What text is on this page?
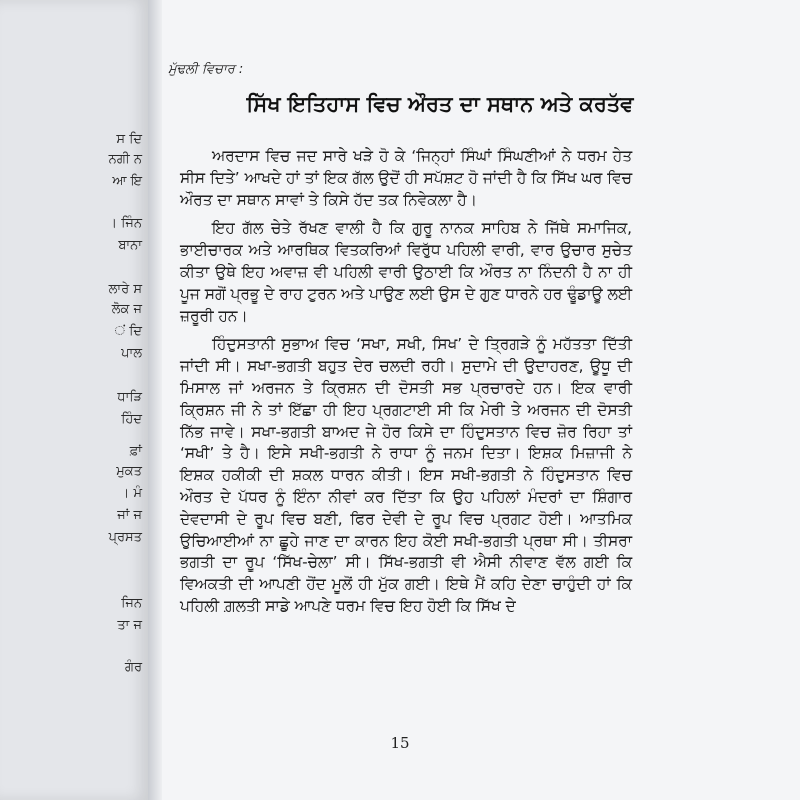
ਸ ਦਿ
ਨਗੀ ਨ
ਆ ਇ
। ਜਿੰਨ
ਬਾਨਾ
ਲਾਰੇ ਸ
ਲੋਕ ਜ
ਂ ਦਿ
ਪਾਲ
ਧਾੜਿ
ਹਿੰਦ
ਫ਼ਾਂ
ਮੁਕਤ
। ਮੰ
ਜਾਂ ਜ
ਪ੍ਰਸਤ
ਜਿਨ
ਤਾ ਜ
ਗੰਰ
ਮੁੱਢਲੀ ਵਿਚਾਰ :
ਸਿੱਖ ਇਤਿਹਾਸ ਵਿਚ ਔਰਤ ਦਾ ਸਥਾਨ ਅਤੇ ਕਰਤੱਵ

ਅਰਦਾਸ ਵਿਚ ਜਦ ਸਾਰੇ ਖੜੇ ਹੋ ਕੇ ‘ਜਿਨ੍ਹਾਂ ਸਿੰਘਾਂ ਸਿੰਘਣੀਆਂ ਨੇ ਧਰਮ ਹੇਤ ਸੀਸ ਦਿਤੇ’ ਆਖਦੇ ਹਾਂ ਤਾਂ ਇਕ ਗੱਲ ਉਦੋਂ ਹੀ ਸਪੱਸ਼ਟ ਹੋ ਜਾਂਦੀ ਹੈ ਕਿ ਸਿੱਖ ਘਰ ਵਿਚ ਔਰਤ ਦਾ ਸਥਾਨ ਸਾਵਾਂ ਤੇ ਕਿਸੇ ਹੱਦ ਤਕ ਨਿਵੇਕਲਾ ਹੈ।

ਇਹ ਗੱਲ ਚੇਤੇ ਰੱਖਣ ਵਾਲੀ ਹੈ ਕਿ ਗੁਰੂ ਨਾਨਕ ਸਾਹਿਬ ਨੇ ਜਿੱਥੇ ਸਮਾਜਿਕ, ਭਾਈਚਾਰਕ ਅਤੇ ਆਰਥਿਕ ਵਿਤਕਰਿਆਂ ਵਿਰੁੱਧ ਪਹਿਲੀ ਵਾਰੀ, ਵਾਰ ਉਚਾਰ ਸੁਚੇਤ ਕੀਤਾ ਉਥੇ ਇਹ ਅਵਾਜ਼ ਵੀ ਪਹਿਲੀ ਵਾਰੀ ਉਠਾਈ ਕਿ ਔਰਤ ਨਾ ਨਿੰਦਨੀ ਹੈ ਨਾ ਹੀ ਪੂਜ ਸਗੋਂ ਪ੍ਰਭੂ ਦੇ ਰਾਹ ਟੁਰਨ ਅਤੇ ਪਾਉਣ ਲਈ ਉਸ ਦੇ ਗੁਣ ਧਾਰਨੇ ਹਰ ਢੂੰਡਾਊ ਲਈ ਜ਼ਰੂਰੀ ਹਨ।

ਹਿੰਦੁਸਤਾਨੀ ਸੁਭਾਅ ਵਿਚ ‘ਸਖਾ, ਸਖੀ, ਸਿਖ’ ਦੇ ਤ੍ਰਿਗੜੇ ਨੂੰ ਮਹੱਤਤਾ ਦਿੱਤੀ ਜਾਂਦੀ ਸੀ। ਸਖਾ-ਭਗਤੀ ਬਹੁਤ ਦੇਰ ਚਲਦੀ ਰਹੀ। ਸੁਦਾਮੇ ਦੀ ਉਦਾਹਰਣ, ਊਧੂ ਦੀ ਮਿਸਾਲ ਜਾਂ ਅਰਜਨ ਤੇ ਕ੍ਰਿਸ਼ਨ ਦੀ ਦੋਸਤੀ ਸਭ ਪ੍ਰਚਾਰਦੇ ਹਨ। ਇਕ ਵਾਰੀ ਕ੍ਰਿਸ਼ਨ ਜੀ ਨੇ ਤਾਂ ਇੱਛਾ ਹੀ ਇਹ ਪ੍ਰਗਟਾਈ ਸੀ ਕਿ ਮੇਰੀ ਤੇ ਅਰਜਨ ਦੀ ਦੋਸਤੀ ਨਿੱਭ ਜਾਵੇ। ਸਖਾ-ਭਗਤੀ ਬਾਅਦ ਜੇ ਹੋਰ ਕਿਸੇ ਦਾ ਹਿੰਦੁਸਤਾਨ ਵਿਚ ਜ਼ੋਰ ਰਿਹਾ ਤਾਂ ‘ਸਖੀ’ ਤੇ ਹੈ। ਇਸੇ ਸਖੀ-ਭਗਤੀ ਨੇ ਰਾਧਾ ਨੂੰ ਜਨਮ ਦਿਤਾ। ਇਸ਼ਕ ਮਿਜ਼ਾਜੀ ਨੇ ਇਸ਼ਕ ਹਕੀਕੀ ਦੀ ਸ਼ਕਲ ਧਾਰਨ ਕੀਤੀ। ਇਸ ਸਖੀ-ਭਗਤੀ ਨੇ ਹਿੰਦੁਸਤਾਨ ਵਿਚ ਔਰਤ ਦੇ ਪੱਧਰ ਨੂੰ ਇੰਨਾ ਨੀਵਾਂ ਕਰ ਦਿੱਤਾ ਕਿ ਉਹ ਪਹਿਲਾਂ ਮੰਦਰਾਂ ਦਾ ਸ਼ਿੰਗਾਰ ਦੇਵਦਾਸੀ ਦੇ ਰੂਪ ਵਿਚ ਬਣੀ, ਫਿਰ ਦੇਵੀ ਦੇ ਰੂਪ ਵਿਚ ਪ੍ਰਗਟ ਹੋਈ। ਆਤਮਿਕ ਉਚਿਆਈਆਂ ਨਾ ਛੂਹੇ ਜਾਣ ਦਾ ਕਾਰਨ ਇਹ ਕੋਈ ਸਖੀ-ਭਗਤੀ ਪ੍ਰਥਾ ਸੀ। ਤੀਸਰਾ ਭਗਤੀ ਦਾ ਰੂਪ ‘ਸਿੱਖ-ਚੇਲਾ’ ਸੀ। ਸਿੱਖ-ਭਗਤੀ ਵੀ ਐਸੀ ਨੀਵਾਣ ਵੱਲ ਗਈ ਕਿ ਵਿਅਕਤੀ ਦੀ ਆਪਣੀ ਹੋਂਦ ਮੂਲੋਂ ਹੀ ਮੁੱਕ ਗਈ। ਇਥੇ ਮੈਂ ਕਹਿ ਦੇਣਾ ਚਾਹੁੰਦੀ ਹਾਂ ਕਿ ਪਹਿਲੀ ਗ਼ਲਤੀ ਸਾਡੇ ਆਪਣੇ ਧਰਮ ਵਿਚ ਇਹ ਹੋਈ ਕਿ ਸਿੱਖ ਦੇ

15
